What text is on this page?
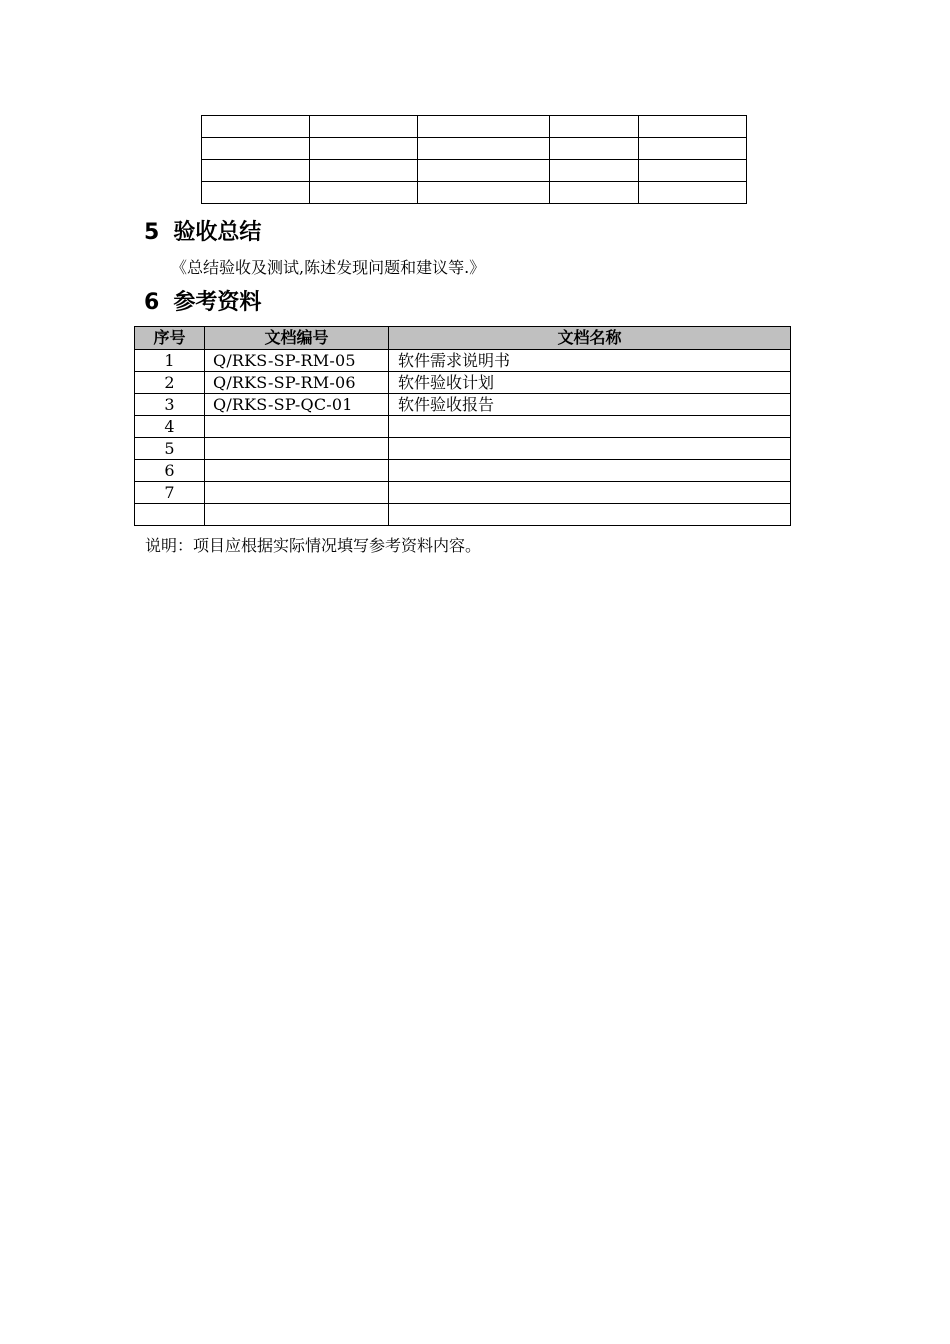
5 验收总结
《总结验收及测试,陈述发现问题和建议等.》
6 参考资料
序号	文档编号	文档名称
1	Q/RKS-SP-RM-05	软件需求说明书
2	Q/RKS-SP-RM-06	软件验收计划
3	Q/RKS-SP-QC-01	软件验收报告
4		
5		
6		
7		

说明：项目应根据实际情况填写参考资料内容。
